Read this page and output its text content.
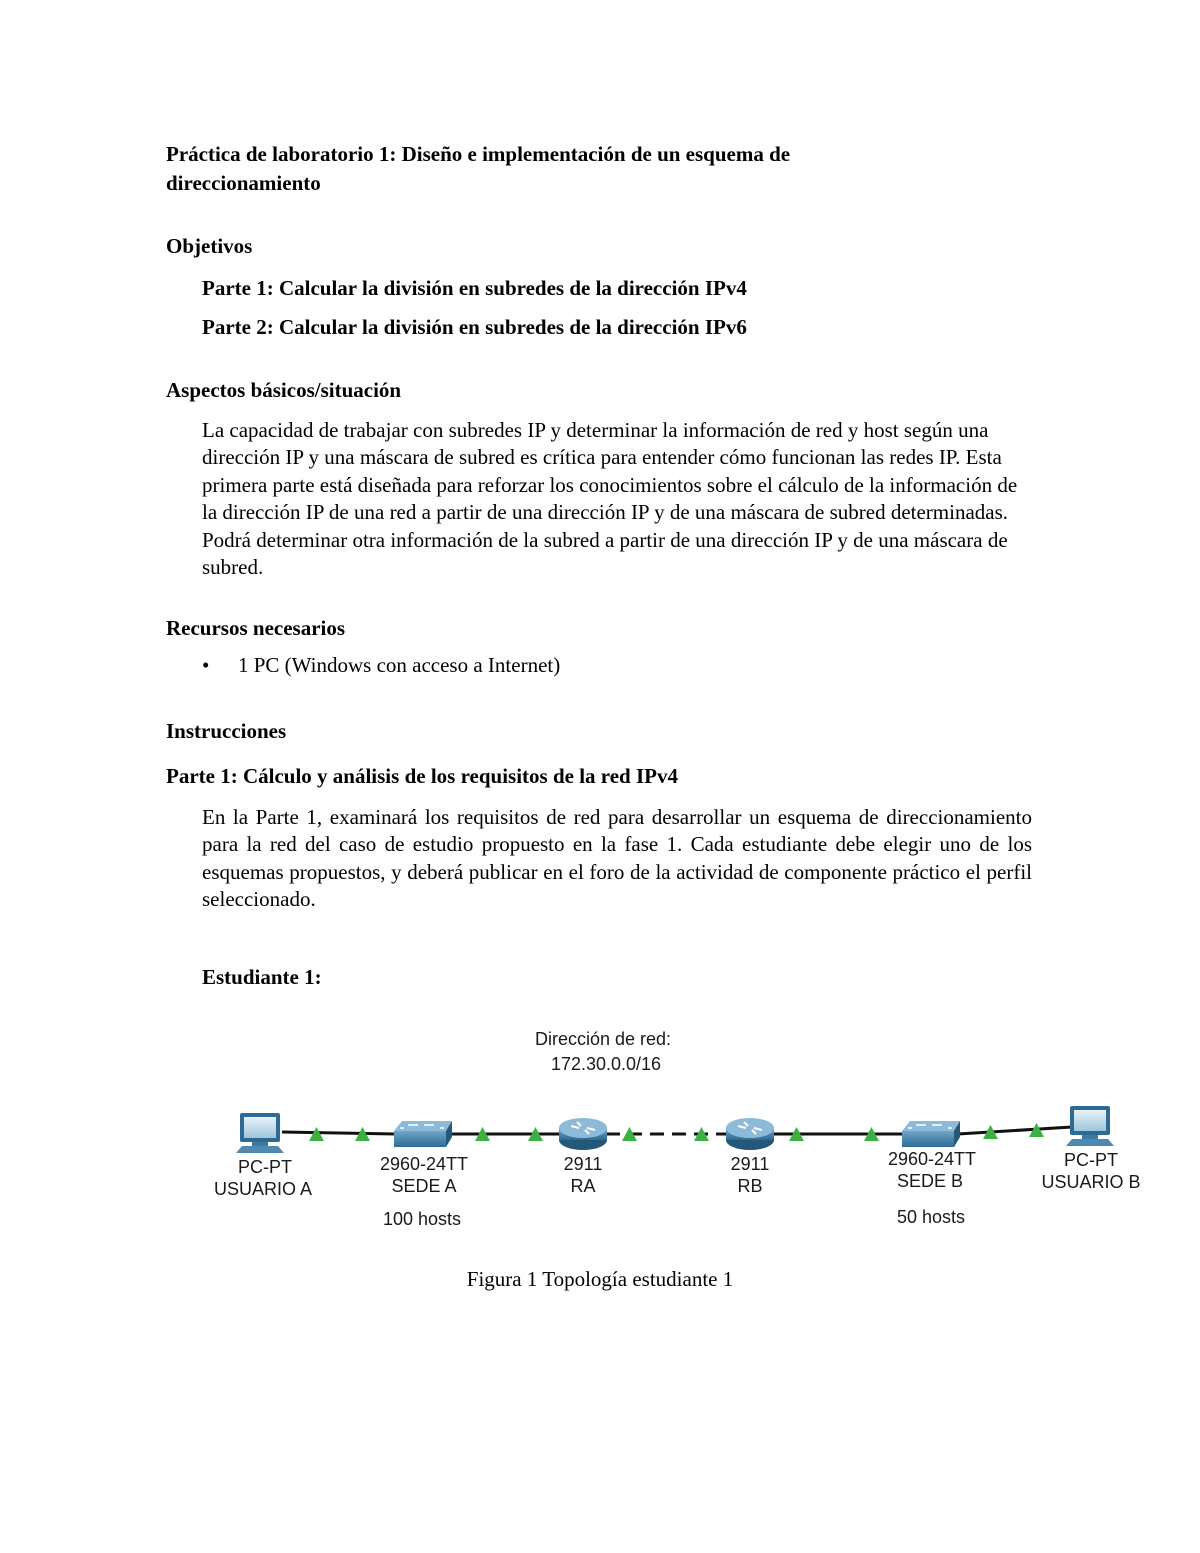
Práctica de laboratorio 1: Diseño e implementación de un esquema de direccionamiento

Objetivos

Parte 1: Calcular la división en subredes de la dirección IPv4

Parte 2: Calcular la división en subredes de la dirección IPv6

Aspectos básicos/situación

La capacidad de trabajar con subredes IP y determinar la información de red y host según una dirección IP y una máscara de subred es crítica para entender cómo funcionan las redes IP. Esta primera parte está diseñada para reforzar los conocimientos sobre el cálculo de la información de la dirección IP de una red a partir de una dirección IP y de una máscara de subred determinadas. Podrá determinar otra información de la subred a partir de una dirección IP y de una máscara de subred.

Recursos necesarios

•	1 PC (Windows con acceso a Internet)

Instrucciones

Parte 1: Cálculo y análisis de los requisitos de la red IPv4

En la Parte 1, examinará los requisitos de red para desarrollar un esquema de direccionamiento para la red del caso de estudio propuesto en la fase 1. Cada estudiante debe elegir uno de los esquemas propuestos, y deberá publicar en el foro de la actividad de componente práctico el perfil seleccionado.

Estudiante 1:

Dirección de red:
172.30.0.0/16
PC-PT
USUARIO A
2960-24TT
SEDE A
100 hosts
2911
RA
2911
RB
2960-24TT
SEDE B
50 hosts
PC-PT
USUARIO B

Figura 1 Topología estudiante 1
